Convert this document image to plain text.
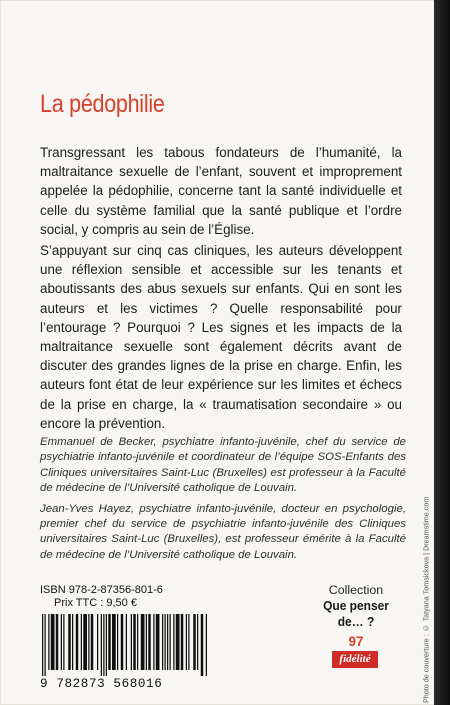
La pédophilie

Transgressant les tabous fondateurs de l’humanité, la maltraitance sexuelle de l’enfant, souvent et improprement appelée la pédophilie, concerne tant la santé individuelle et celle du système familial que la santé publique et l’ordre social, y compris au sein de l’Église.

S’appuyant sur cinq cas cliniques, les auteurs développent une réflexion sensible et accessible sur les tenants et aboutissants des abus sexuels sur enfants. Qui en sont les auteurs et les victimes ? Quelle responsabilité pour l’entourage ? Pourquoi ? Les signes et les impacts de la maltraitance sexuelle sont également décrits avant de discuter des grandes lignes de la prise en charge. Enfin, les auteurs font état de leur expérience sur les limites et échecs de la prise en charge, la « traumatisation secondaire » ou encore la prévention.

Emmanuel de Becker, psychiatre infanto-juvénile, chef du service de psychiatrie infanto-juvénile et coordinateur de l’équipe SOS-Enfants des Cliniques universitaires Saint-Luc (Bruxelles) est professeur à la Faculté de médecine de l’Université catholique de Louvain.

Jean-Yves Hayez, psychiatre infanto-juvénile, docteur en psychologie, premier chef du service de psychiatrie infanto-juvénile des Cliniques universitaires Saint-Luc (Bruxelles), est professeur émérite à la Faculté de médecine de l’Université catholique de Louvain.	Photo de couverture : © Tatyana Tomsickova | Dreamstime.com
ISBN 978-2-87356-801-6
Prix TTC : 9,50 €
9 782873 568016
Collection
Que penser de… ?
97
fidélité
